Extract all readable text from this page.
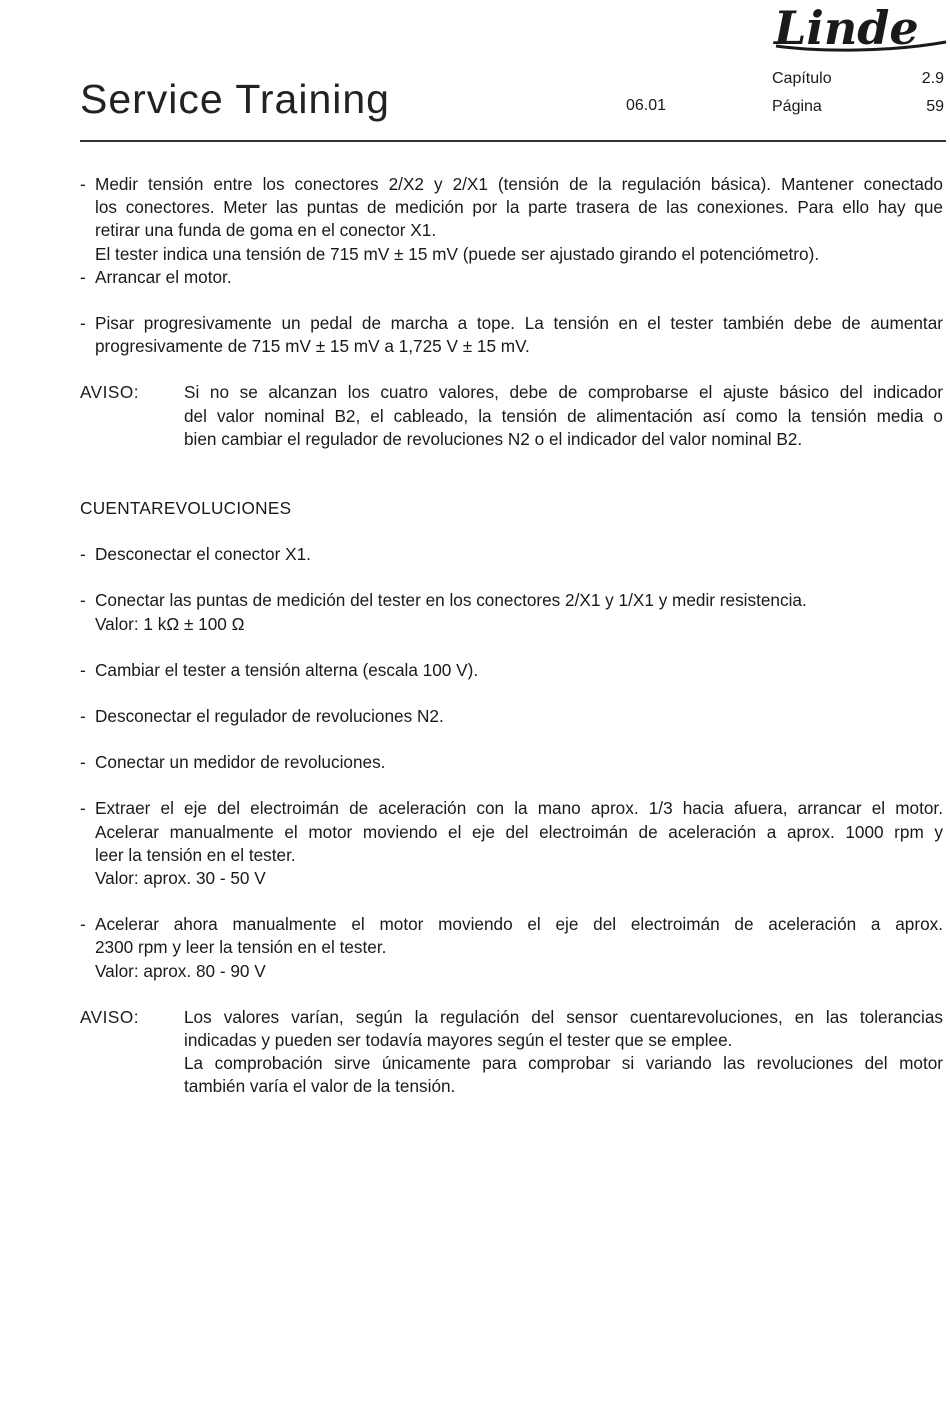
Linde
Service Training	06.01
Capítulo	2.9
Página	59
- Medir tensión entre los conectores 2/X2 y 2/X1 (tensión de la regulación básica). Mantener conectado
los conectores. Meter las puntas de medición por la parte trasera de las conexiones. Para ello hay que
retirar una funda de goma en el conector X1.
El tester indica una tensión de 715 mV ± 15 mV (puede ser ajustado girando el potenciómetro).
- Arrancar el motor.
- Pisar progresivamente un pedal de marcha a tope. La tensión en el tester también debe de aumentar
progresivamente de 715 mV ± 15 mV a 1,725 V ± 15 mV.
AVISO:	Si no se alcanzan los cuatro valores, debe de comprobarse el ajuste básico del indicador
del valor nominal B2, el cableado, la tensión de alimentación así como la tensión media o
bien cambiar el regulador de revoluciones N2 o el indicador del valor nominal B2.
CUENTAREVOLUCIONES
- Desconectar el conector X1.
- Conectar las puntas de medición del tester en los conectores 2/X1 y 1/X1 y medir resistencia.
Valor: 1 kΩ ± 100 Ω
- Cambiar el tester a tensión alterna (escala 100 V).
- Desconectar el regulador de revoluciones N2.
- Conectar un medidor de revoluciones.
- Extraer el eje del electroimán de aceleración con la mano aprox. 1/3 hacia afuera, arrancar el motor.
Acelerar manualmente el motor moviendo el eje del electroimán de aceleración a aprox. 1000 rpm y
leer la tensión en el tester.
Valor: aprox. 30 - 50 V
- Acelerar ahora manualmente el motor moviendo el eje del electroimán de aceleración a aprox.
2300 rpm y leer la tensión en el tester.
Valor: aprox. 80 - 90 V
AVISO:	Los valores varían, según la regulación del sensor cuentarevoluciones, en las tolerancias
indicadas y pueden ser todavía mayores según el tester que se emplee.
La comprobación sirve únicamente para comprobar si variando las revoluciones del motor
también varía el valor de la tensión.
